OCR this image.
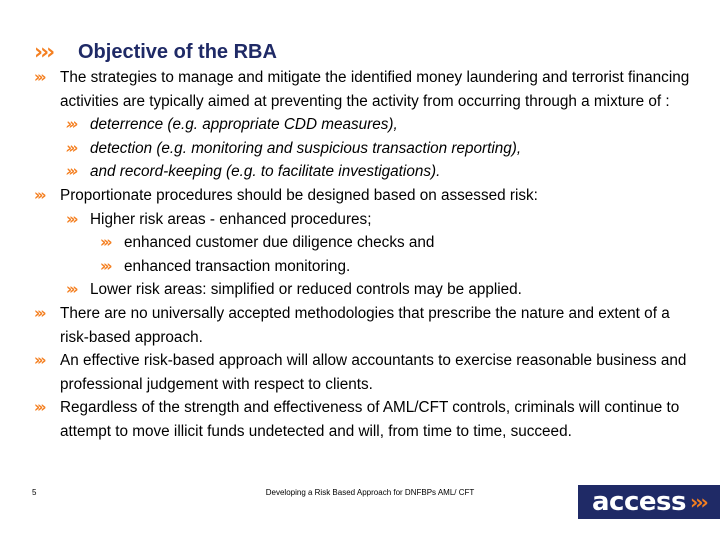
›››	Objective of the RBA
››› The strategies to manage and mitigate the identified money laundering and terrorist financing activities are typically aimed at preventing the activity from occurring through a mixture of :
››› deterrence (e.g. appropriate CDD measures),
››› detection (e.g. monitoring and suspicious transaction reporting),
››› and record-keeping (e.g. to facilitate investigations).
››› Proportionate procedures should be designed based on assessed risk:
››› Higher risk areas - enhanced procedures;
››› enhanced customer due diligence checks and
››› enhanced transaction monitoring.
››› Lower risk areas: simplified or reduced controls may be applied.
››› There are no universally accepted methodologies that prescribe the nature and extent of a risk-based approach.
››› An effective risk-based approach will allow accountants to exercise reasonable business and professional judgement with respect to clients.
››› Regardless of the strength and effectiveness of AML/CFT controls, criminals will continue to attempt to move illicit funds undetected and will, from time to time, succeed.
5	Developing a Risk Based Approach for DNFBPs AML/ CFT	access ›››
